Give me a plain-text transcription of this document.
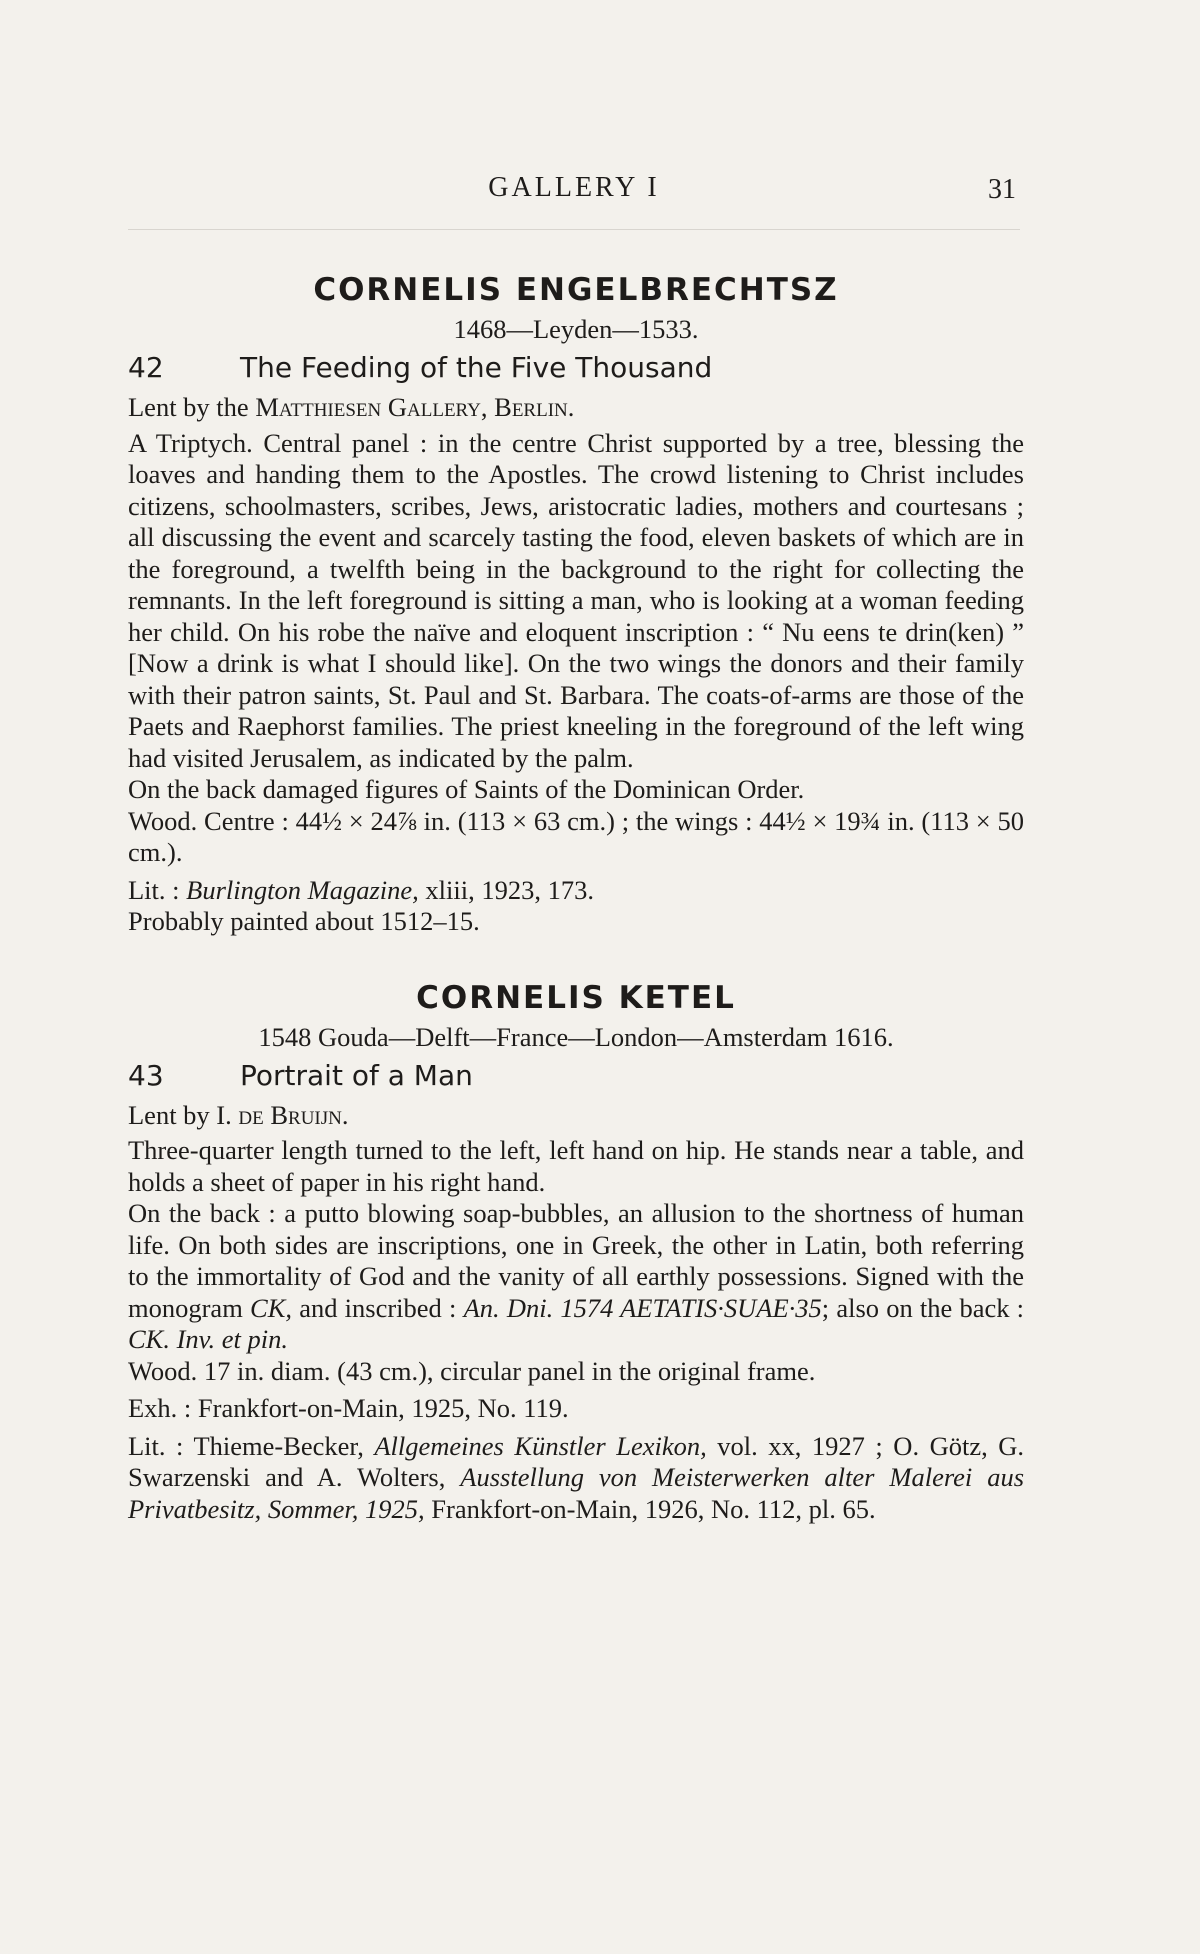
GALLERY I	31
CORNELIS ENGELBRECHTSZ
1468—Leyden—1533.
42	The Feeding of the Five Thousand

Lent by the Matthiesen Gallery, Berlin.

A Triptych. Central panel : in the centre Christ supported by a tree, blessing the loaves and handing them to the Apostles. The crowd listening to Christ includes citizens, schoolmasters, scribes, Jews, aristocratic ladies, mothers and courtesans ; all discussing the event and scarcely tasting the food, eleven baskets of which are in the foreground, a twelfth being in the background to the right for collecting the remnants. In the left foreground is sitting a man, who is looking at a woman feeding her child. On his robe the naïve and eloquent inscription : “ Nu eens te drin(ken) ” [Now a drink is what I should like]. On the two wings the donors and their family with their patron saints, St. Paul and St. Barbara. The coats-of-arms are those of the Paets and Raephorst families. The priest kneeling in the foreground of the left wing had visited Jerusalem, as indicated by the palm.

On the back damaged figures of Saints of the Dominican Order.

Wood. Centre : 44½ × 24⅞ in. (113 × 63 cm.) ; the wings : 44½ × 19¾ in. (113 × 50 cm.).

Lit. : Burlington Magazine, xliii, 1923, 173.

Probably painted about 1512–15.

CORNELIS KETEL
1548 Gouda—Delft—France—London—Amsterdam 1616.
43	Portrait of a Man

Lent by I. de Bruijn.

Three-quarter length turned to the left, left hand on hip. He stands near a table, and holds a sheet of paper in his right hand.

On the back : a putto blowing soap-bubbles, an allusion to the shortness of human life. On both sides are inscriptions, one in Greek, the other in Latin, both referring to the immortality of God and the vanity of all earthly possessions. Signed with the monogram CK, and inscribed : An. Dni. 1574 AETATIS·SUAE·35; also on the back : CK. Inv. et pin.

Wood. 17 in. diam. (43 cm.), circular panel in the original frame.

Exh. : Frankfort-on-Main, 1925, No. 119.

Lit. : Thieme-Becker, Allgemeines Künstler Lexikon, vol. xx, 1927 ; O. Götz, G. Swarzenski and A. Wolters, Ausstellung von Meisterwerken alter Malerei aus Privatbesitz, Sommer, 1925, Frankfort-on-Main, 1926, No. 112, pl. 65.
